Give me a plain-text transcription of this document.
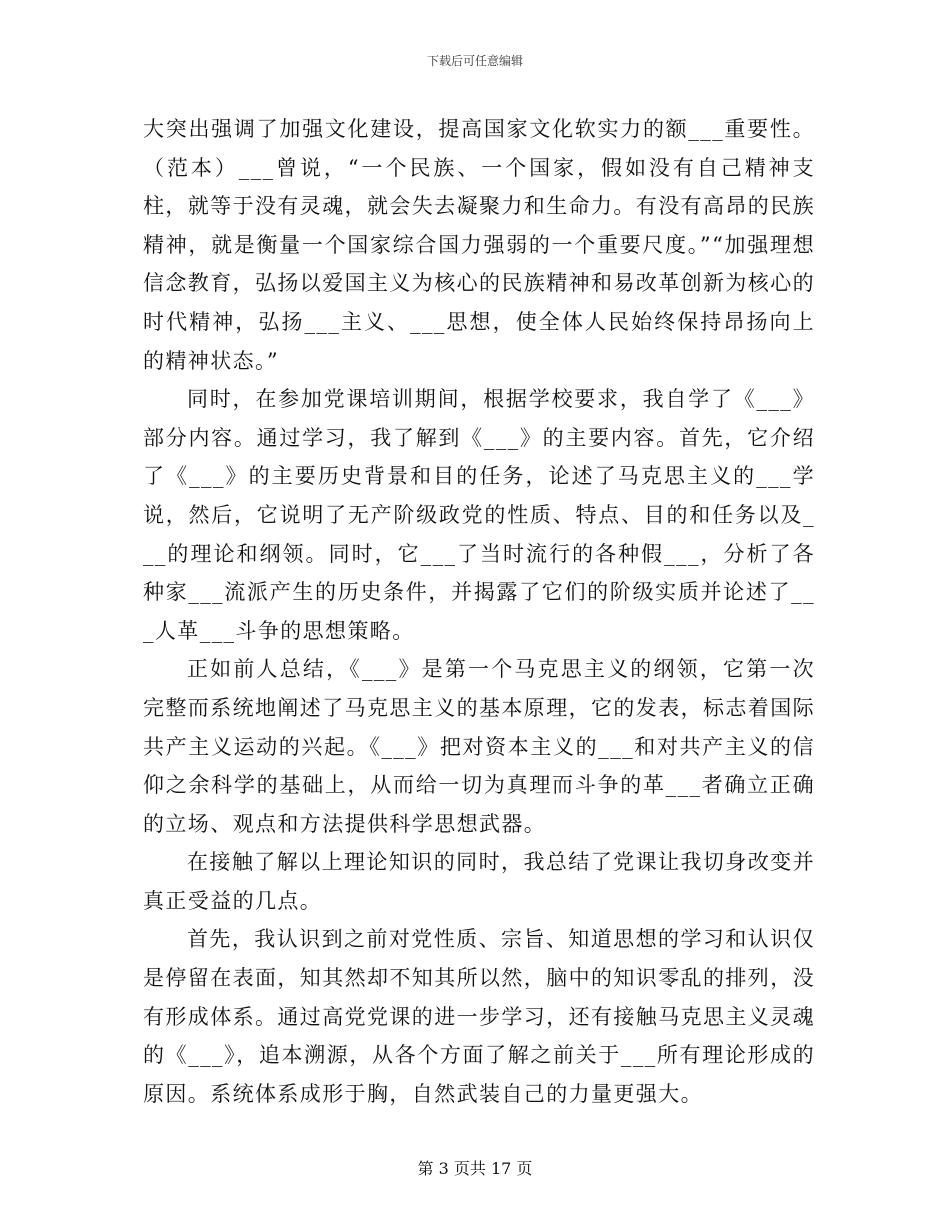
下载后可任意编辑

大突出强调了加强文化建设，提高国家文化软实力的额___重要性。（范本）___曾说，“一个民族、一个国家，假如没有自己精神支柱，就等于没有灵魂，就会失去凝聚力和生命力。有没有高昂的民族精神，就是衡量一个国家综合国力强弱的一个重要尺度。”“加强理想信念教育，弘扬以爱国主义为核心的民族精神和易改革创新为核心的时代精神，弘扬___主义、___思想，使全体人民始终保持昂扬向上的精神状态。”

同时，在参加党课培训期间，根据学校要求，我自学了《___》部分内容。通过学习，我了解到《___》的主要内容。首先，它介绍了《___》的主要历史背景和目的任务，论述了马克思主义的___学说，然后，它说明了无产阶级政党的性质、特点、目的和任务以及___的理论和纲领。同时，它___了当时流行的各种假___，分析了各种家___流派产生的历史条件，并揭露了它们的阶级实质并论述了___人革___斗争的思想策略。

正如前人总结，《___》是第一个马克思主义的纲领，它第一次完整而系统地阐述了马克思主义的基本原理，它的发表，标志着国际共产主义运动的兴起。《___》把对资本主义的___和对共产主义的信仰之余科学的基础上，从而给一切为真理而斗争的革___者确立正确的立场、观点和方法提供科学思想武器。

在接触了解以上理论知识的同时，我总结了党课让我切身改变并真正受益的几点。

首先，我认识到之前对党性质、宗旨、知道思想的学习和认识仅是停留在表面，知其然却不知其所以然，脑中的知识零乱的排列，没有形成体系。通过高党党课的进一步学习，还有接触马克思主义灵魂的《___》，追本溯源，从各个方面了解之前关于___所有理论形成的原因。系统体系成形于胸，自然武装自己的力量更强大。

第 3 页共 17 页
